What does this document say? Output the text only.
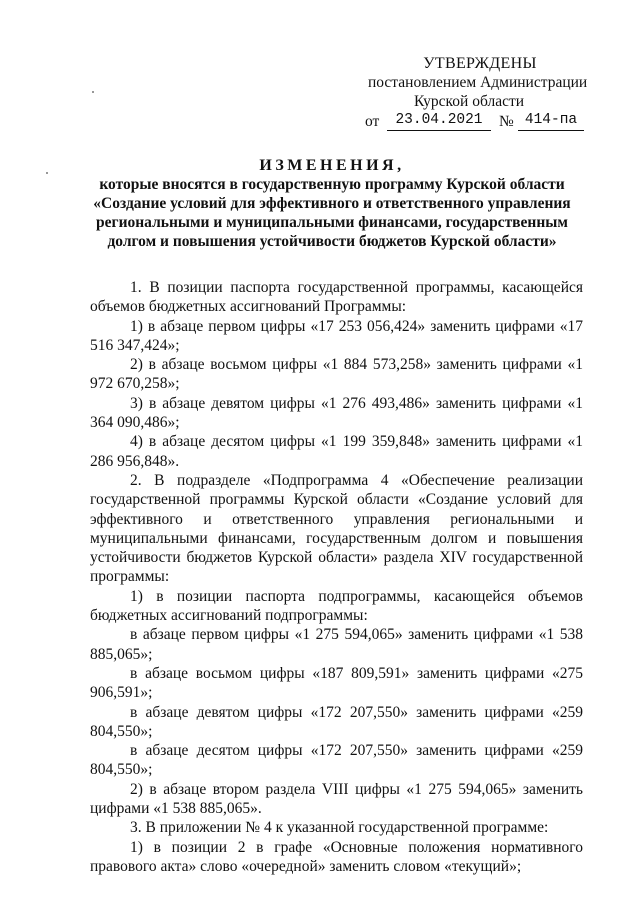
УТВЕРЖДЕНЫ
постановлением Администрации
Курской области
от	23.04.2021	№ 414-па
ИЗМЕНЕНИЯ,
которые вносятся в государственную программу Курской области
«Создание условий для эффективного и ответственного управления
региональными и муниципальными финансами, государственным
долгом и повышения устойчивости бюджетов Курской области»

1. В позиции паспорта государственной программы, касающейся объемов бюджетных ассигнований Программы:

1) в абзаце первом цифры «17 253 056,424» заменить цифрами «17 516 347,424»;

2) в абзаце восьмом цифры «1 884 573,258» заменить цифрами «1 972 670,258»;

3) в абзаце девятом цифры «1 276 493,486» заменить цифрами «1 364 090,486»;

4) в абзаце десятом цифры «1 199 359,848» заменить цифрами «1 286 956,848».

2. В подразделе «Подпрограмма 4 «Обеспечение реализации государственной программы Курской области «Создание условий для эффективного и ответственного управления региональными и муниципальными финансами, государственным долгом и повышения устойчивости бюджетов Курской области» раздела XIV государственной программы:

1) в позиции паспорта подпрограммы, касающейся объемов бюджетных ассигнований подпрограммы:

в абзаце первом цифры «1 275 594,065» заменить цифрами «1 538 885,065»;

в абзаце восьмом цифры «187 809,591» заменить цифрами «275 906,591»;

в абзаце девятом цифры «172 207,550» заменить цифрами «259 804,550»;

в абзаце десятом цифры «172 207,550» заменить цифрами «259 804,550»;

2) в абзаце втором раздела VIII цифры «1 275 594,065» заменить цифрами «1 538 885,065».

3. В приложении № 4 к указанной государственной программе:

1) в позиции 2 в графе «Основные положения нормативного правового акта» слово «очередной» заменить словом «текущий»;
